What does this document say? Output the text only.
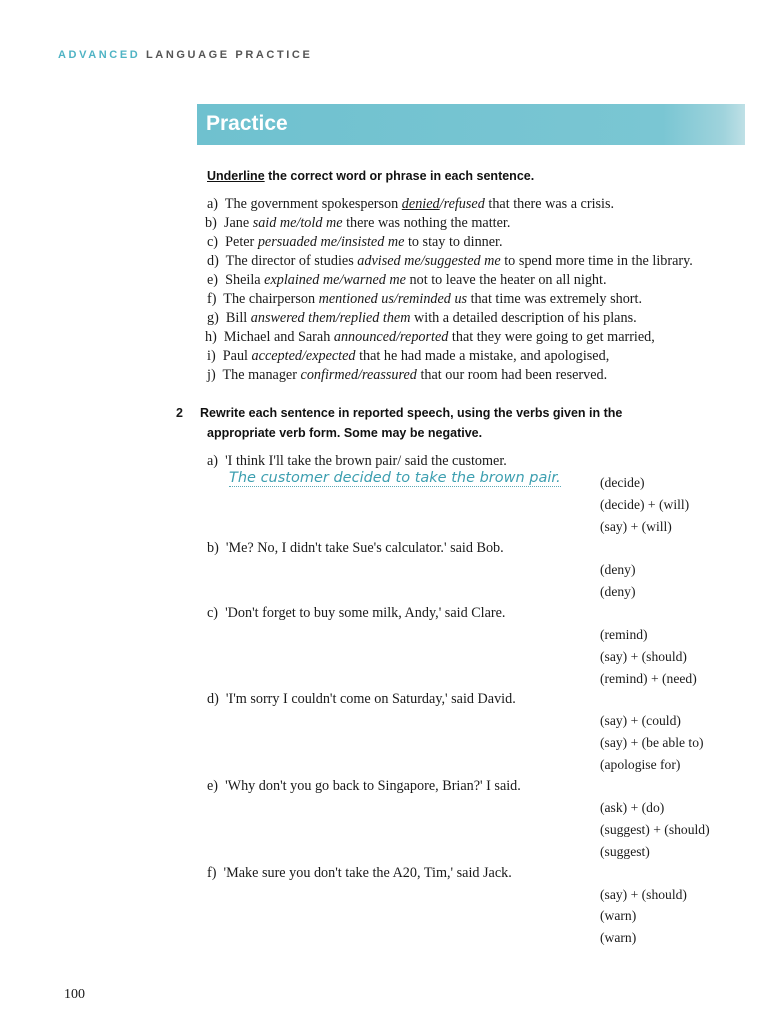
ADVANCED LANGUAGE PRACTICE
Practice
Underline the correct word or phrase in each sentence.
a) The government spokesperson denied/refused that there was a crisis.
b) Jane said me/told me there was nothing the matter.
c) Peter persuaded me/insisted me to stay to dinner.
d) The director of studies advised me/suggested me to spend more time in the library.
e) Sheila explained me/warned me not to leave the heater on all night.
f) The chairperson mentioned us/reminded us that time was extremely short.
g) Bill answered them/replied them with a detailed description of his plans.
h) Michael and Sarah announced/reported that they were going to get married,
i) Paul accepted/expected that he had made a mistake, and apologised,
j) The manager confirmed/reassured that our room had been reserved.
2 Rewrite each sentence in reported speech, using the verbs given in the
appropriate verb form. Some may be negative.
a) 'I think I'll take the brown pair/ said the customer.
The customer decided to take the brown pair.	(decide)
(decide) + (will)
(say) + (will)
b) 'Me? No, I didn't take Sue's calculator.' said Bob.
(deny)
(deny)
c) 'Don't forget to buy some milk, Andy,' said Clare.
(remind)
(say) + (should)
(remind) + (need)
d) 'I'm sorry I couldn't come on Saturday,' said David.
(say) + (could)
(say) + (be able to)
(apologise for)
e) 'Why don't you go back to Singapore, Brian?' I said.
(ask) + (do)
(suggest) + (should)
(suggest)
f) 'Make sure you don't take the A20, Tim,' said Jack.
(say) + (should)
(warn)
(warn)
100
